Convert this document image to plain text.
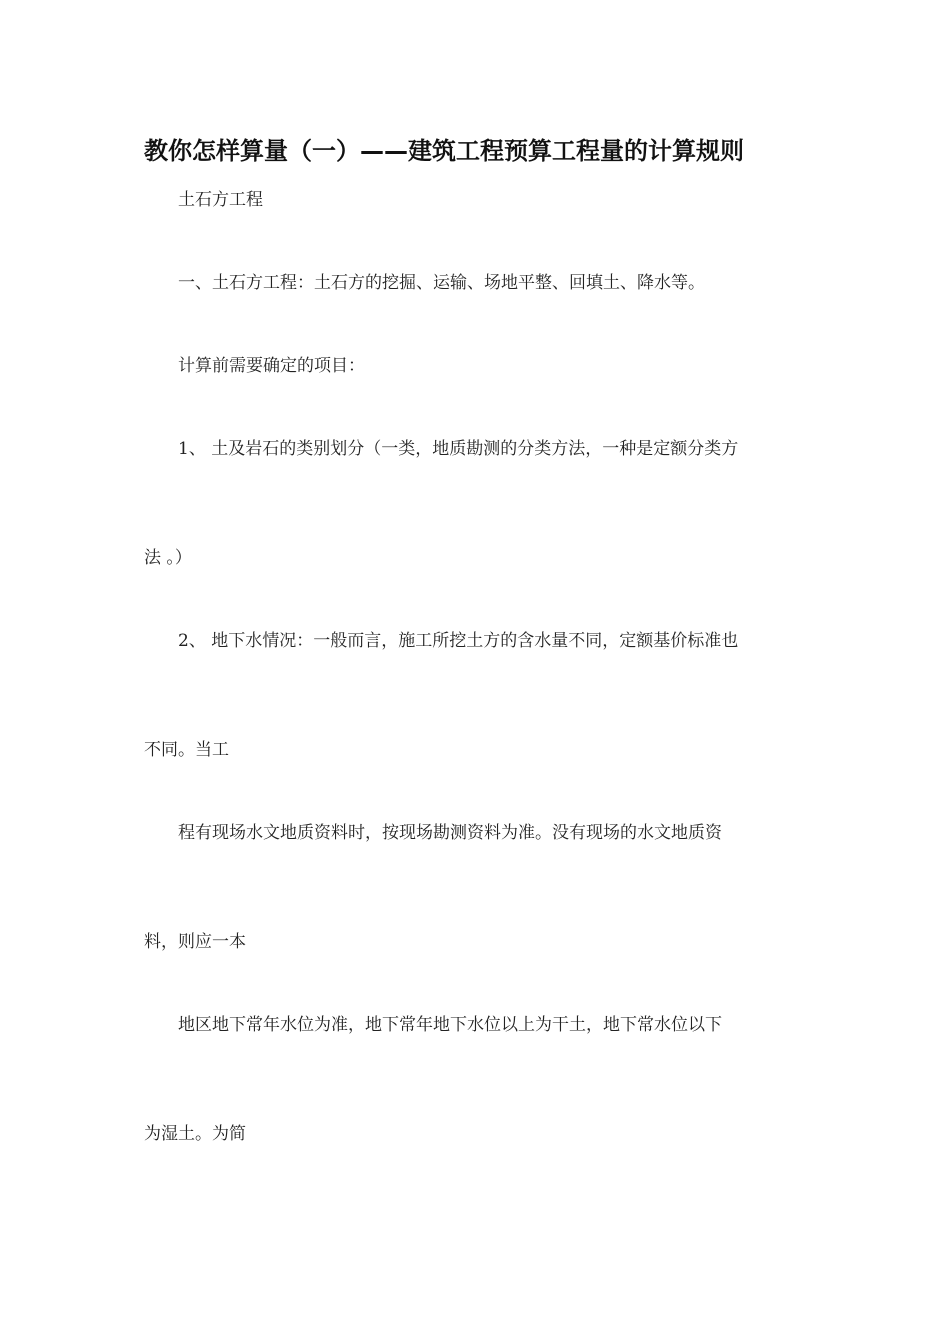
教你怎样算量（一）——建筑工程预算工程量的计算规则
土石方工程
一、土石方工程：土石方的挖掘、运输、场地平整、回填土、降水等。
计算前需要确定的项目：
1、 土及岩石的类别划分（一类，地质勘测的分类方法，一种是定额分类方
法 。）
2、 地下水情况：一般而言，施工所挖土方的含水量不同，定额基价标准也
不同。当工
程有现场水文地质资料时，按现场勘测资料为准。没有现场的水文地质资
料，则应一本
地区地下常年水位为准，地下常年地下水位以上为干土，地下常水位以下
为湿土。为简
